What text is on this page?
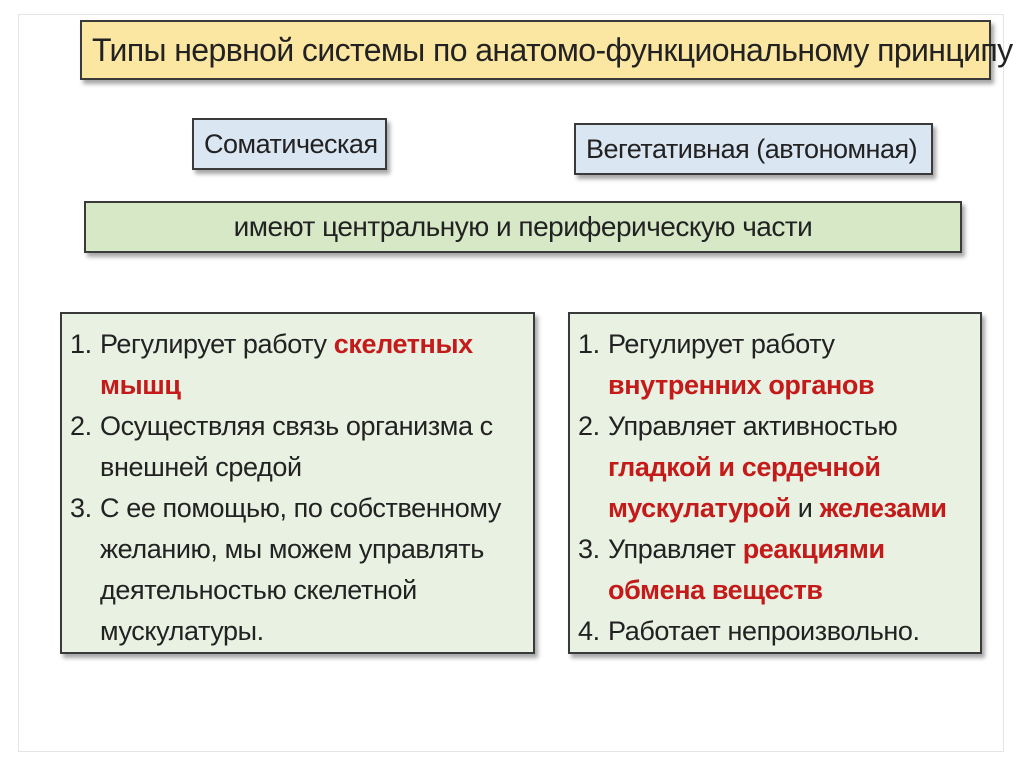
Типы нервной системы по анатомо-функциональному принципу
Соматическая	Вегетативная (автономная)
имеют центральную и периферическую части
1. Регулирует работу скелетных мышц
2. Осуществляя связь организма с внешней средой
3. С ее помощью, по собственному желанию, мы можем управлять деятельностью скелетной мускулатуры.
1. Регулирует работу
внутренних органов
2. Управляет активностью
гладкой и сердечной мускулатурой и железами
3. Управляет реакциями обмена веществ
4. Работает непроизвольно.
